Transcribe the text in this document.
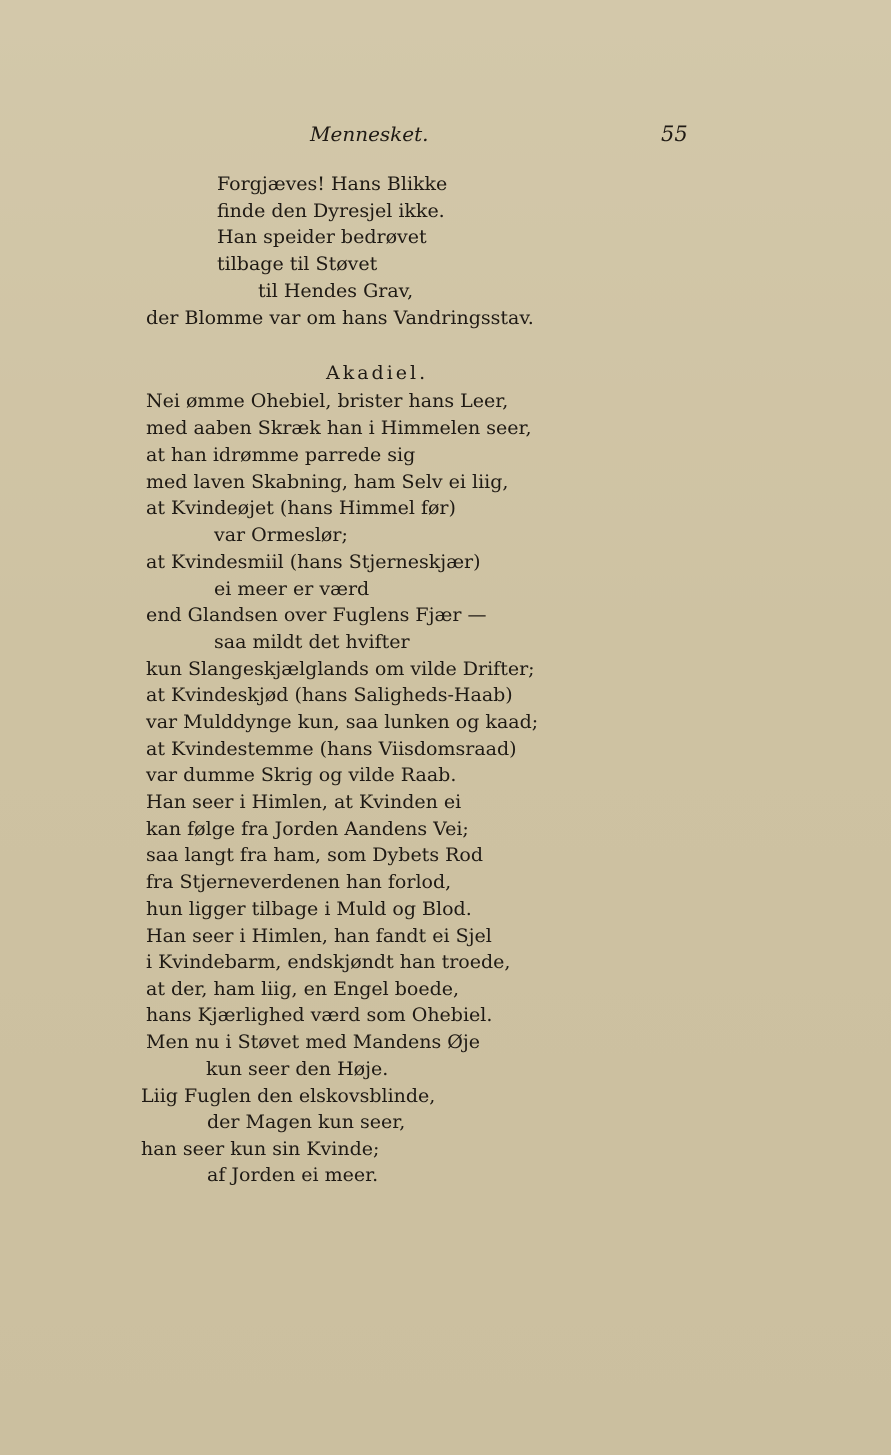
Mennesket.	55
Forgjæves! Hans Blikke
finde den Dyresjel ikke.
Han speider bedrøvet
tilbage til Støvet
til Hendes Grav,
der Blomme var om hans Vandringsstav.
Akadiel.
Nei ømme Ohebiel, brister hans Leer,
med aaben Skræk han i Himmelen seer,
at han idrømme parrede sig
med laven Skabning, ham Selv ei liig,
at Kvindeøjet (hans Himmel før)
var Ormeslør;
at Kvindesmiil (hans Stjerneskjær)
ei meer er værd
end Glandsen over Fuglens Fjær —
saa mildt det hvifter
kun Slangeskjælglands om vilde Drifter;
at Kvindeskjød (hans Saligheds-Haab)
var Mulddynge kun, saa lunken og kaad;
at Kvindestemme (hans Viisdomsraad)
var dumme Skrig og vilde Raab.
Han seer i Himlen, at Kvinden ei
kan følge fra Jorden Aandens Vei;
saa langt fra ham, som Dybets Rod
fra Stjerneverdenen han forlod,
hun ligger tilbage i Muld og Blod.
Han seer i Himlen, han fandt ei Sjel
i Kvindebarm, endskjøndt han troede,
at der, ham liig, en Engel boede,
hans Kjærlighed værd som Ohebiel.
Men nu i Støvet med Mandens Øje
kun seer den Høje.
Liig Fuglen den elskovsblinde,
der Magen kun seer,
han seer kun sin Kvinde;
af Jorden ei meer.
